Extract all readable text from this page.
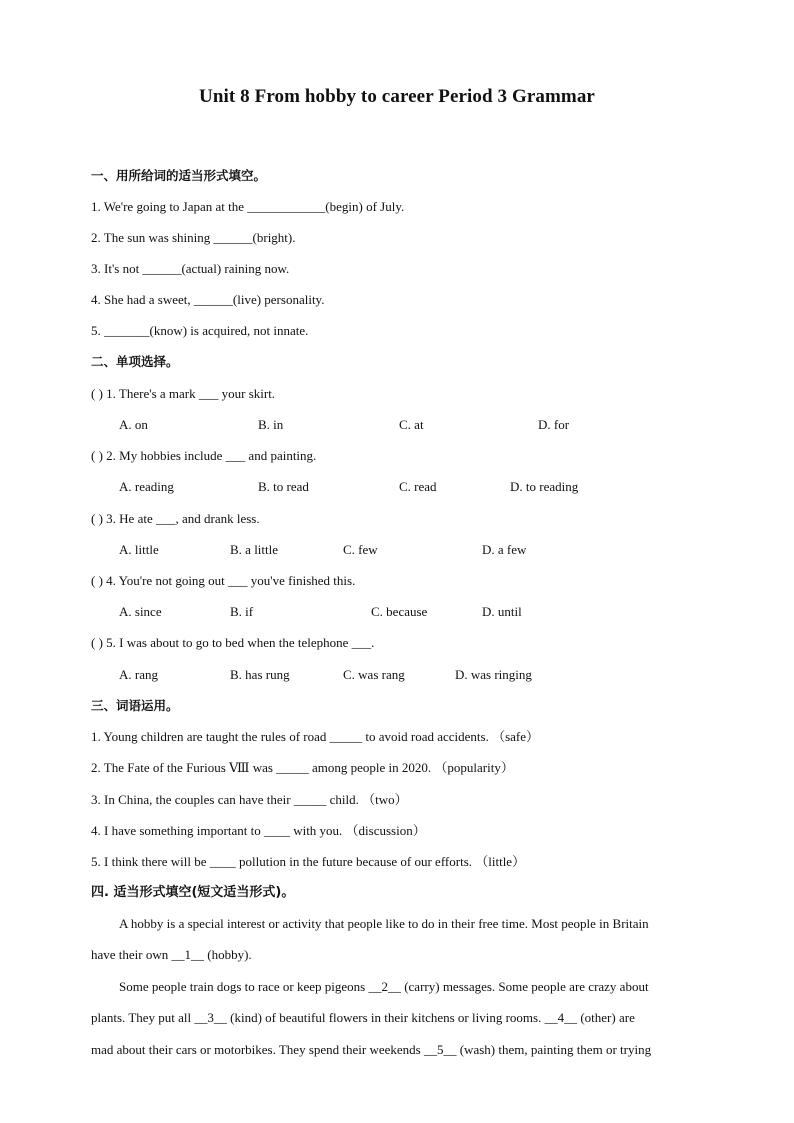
Unit 8 From hobby to career Period 3 Grammar
一、用所给词的适当形式填空。
1. We're going to Japan at the ____________(begin) of July.
2. The sun was shining ______(bright).
3. It's not ______(actual) raining now.
4. She had a sweet, ______(live) personality.
5. _______(know) is acquired, not innate.
二、单项选择。
( ) 1. There's a mark ___ your skirt.
A. on	B. in	C. at	D. for
( ) 2. My hobbies include ___ and painting.
A. reading	B. to read	C. read	D. to reading
( ) 3. He ate ___, and drank less.
A. little	B. a little	C. few	D. a few
( ) 4. You're not going out ___ you've finished this.
A. since	B. if	C. because	D. until
( ) 5. I was about to go to bed when the telephone ___.
A. rang	B. has rung	C. was rang	D. was ringing
三、词语运用。
1. Young children are taught the rules of road _____ to avoid road accidents. （safe）
2. The Fate of the Furious Ⅷ was _____ among people in 2020. （popularity）
3. In China, the couples can have their _____ child. （two）
4. I have something important to ____ with you. （discussion）
5. I think there will be ____ pollution in the future because of our efforts. （little）
四. 适当形式填空(短文适当形式)。
A hobby is a special interest or activity that people like to do in their free time. Most people in Britain
have their own __1__ (hobby).
Some people train dogs to race or keep pigeons __2__ (carry) messages. Some people are crazy about
plants. They put all __3__ (kind) of beautiful flowers in their kitchens or living rooms. __4__ (other) are
mad about their cars or motorbikes. They spend their weekends __5__ (wash) them, painting them or trying
